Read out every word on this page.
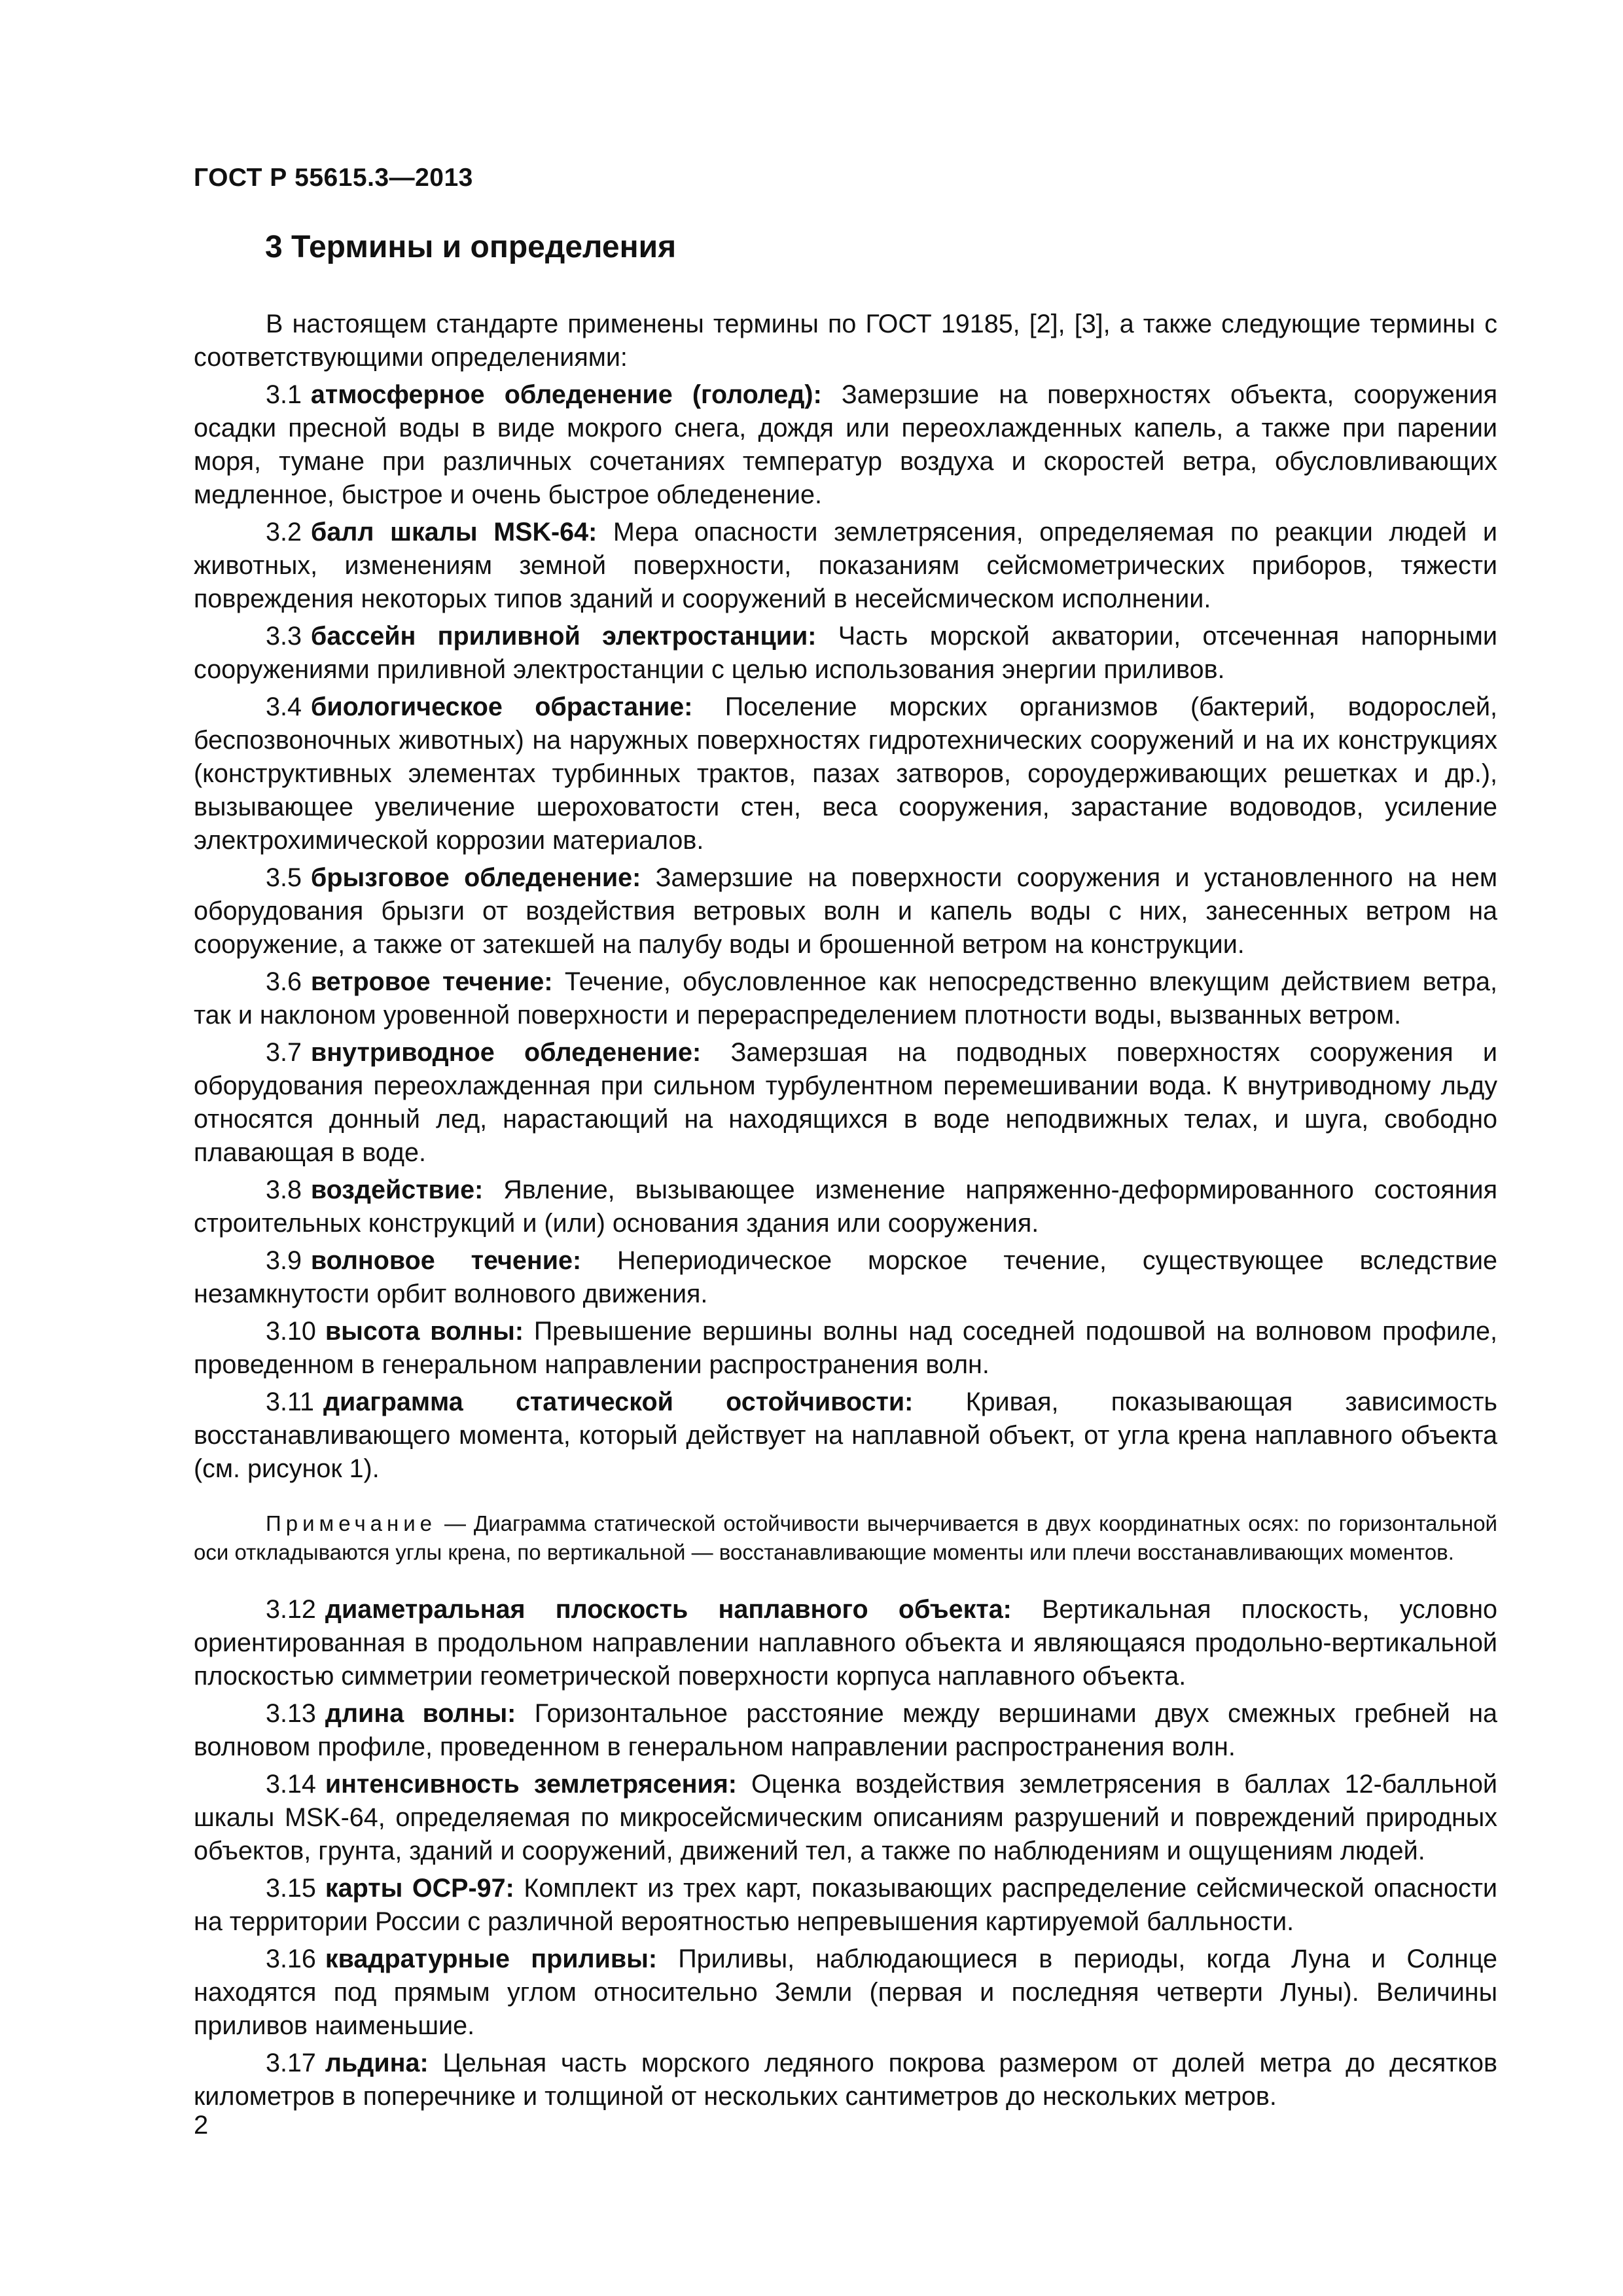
ГОСТ Р 55615.3—2013
3 Термины и определения

В настоящем стандарте применены термины по ГОСТ 19185, [2], [3], а также следующие термины с соответствующими определениями:

3.1 атмосферное обледенение (гололед): Замерзшие на поверхностях объекта, сооружения осадки пресной воды в виде мокрого снега, дождя или переохлажденных капель, а также при парении моря, тумане при различных сочетаниях температур воздуха и скоростей ветра, обусловливающих медленное, быстрое и очень быстрое обледенение.

3.2 балл шкалы MSK-64: Мера опасности землетрясения, определяемая по реакции людей и животных, изменениям земной поверхности, показаниям сейсмометрических приборов, тяжести повреждения некоторых типов зданий и сооружений в несейсмическом исполнении.

3.3 бассейн приливной электростанции: Часть морской акватории, отсеченная напорными сооружениями приливной электростанции с целью использования энергии приливов.

3.4 биологическое обрастание: Поселение морских организмов (бактерий, водорослей, беспозвоночных животных) на наружных поверхностях гидротехнических сооружений и на их конструкциях (конструктивных элементах турбинных трактов, пазах затворов, сороудерживающих решетках и др.), вызывающее увеличение шероховатости стен, веса сооружения, зарастание водоводов, усиление электрохимической коррозии материалов.

3.5 брызговое обледенение: Замерзшие на поверхности сооружения и установленного на нем оборудования брызги от воздействия ветровых волн и капель воды с них, занесенных ветром на сооружение, а также от затекшей на палубу воды и брошенной ветром на конструкции.

3.6 ветровое течение: Течение, обусловленное как непосредственно влекущим действием ветра, так и наклоном уровенной поверхности и перераспределением плотности воды, вызванных ветром.

3.7 внутриводное обледенение: Замерзшая на подводных поверхностях сооружения и оборудования переохлажденная при сильном турбулентном перемешивании вода. К внутриводному льду относятся донный лед, нарастающий на находящихся в воде неподвижных телах, и шуга, свободно плавающая в воде.

3.8 воздействие: Явление, вызывающее изменение напряженно-деформированного состояния строительных конструкций и (или) основания здания или сооружения.

3.9 волновое течение: Непериодическое морское течение, существующее вследствие незамкнутости орбит волнового движения.

3.10 высота волны: Превышение вершины волны над соседней подошвой на волновом профиле, проведенном в генеральном направлении распространения волн.

3.11 диаграмма статической остойчивости: Кривая, показывающая зависимость восстанавливающего момента, который действует на наплавной объект, от угла крена наплавного объекта (см. рисунок 1).

Примечание — Диаграмма статической остойчивости вычерчивается в двух координатных осях: по горизонтальной оси откладываются углы крена, по вертикальной — восстанавливающие моменты или плечи восстанавливающих моментов.

3.12 диаметральная плоскость наплавного объекта: Вертикальная плоскость, условно ориентированная в продольном направлении наплавного объекта и являющаяся продольно-вертикальной плоскостью симметрии геометрической поверхности корпуса наплавного объекта.

3.13 длина волны: Горизонтальное расстояние между вершинами двух смежных гребней на волновом профиле, проведенном в генеральном направлении распространения волн.

3.14 интенсивность землетрясения: Оценка воздействия землетрясения в баллах 12-балльной шкалы MSK-64, определяемая по микросейсмическим описаниям разрушений и повреждений природных объектов, грунта, зданий и сооружений, движений тел, а также по наблюдениям и ощущениям людей.

3.15 карты ОСР-97: Комплект из трех карт, показывающих распределение сейсмической опасности на территории России с различной вероятностью непревышения картируемой балльности.

3.16 квадратурные приливы: Приливы, наблюдающиеся в периоды, когда Луна и Солнце находятся под прямым углом относительно Земли (первая и последняя четверти Луны). Величины приливов наименьшие.

3.17 льдина: Цельная часть морского ледяного покрова размером от долей метра до десятков километров в поперечнике и толщиной от нескольких сантиметров до нескольких метров.

2
